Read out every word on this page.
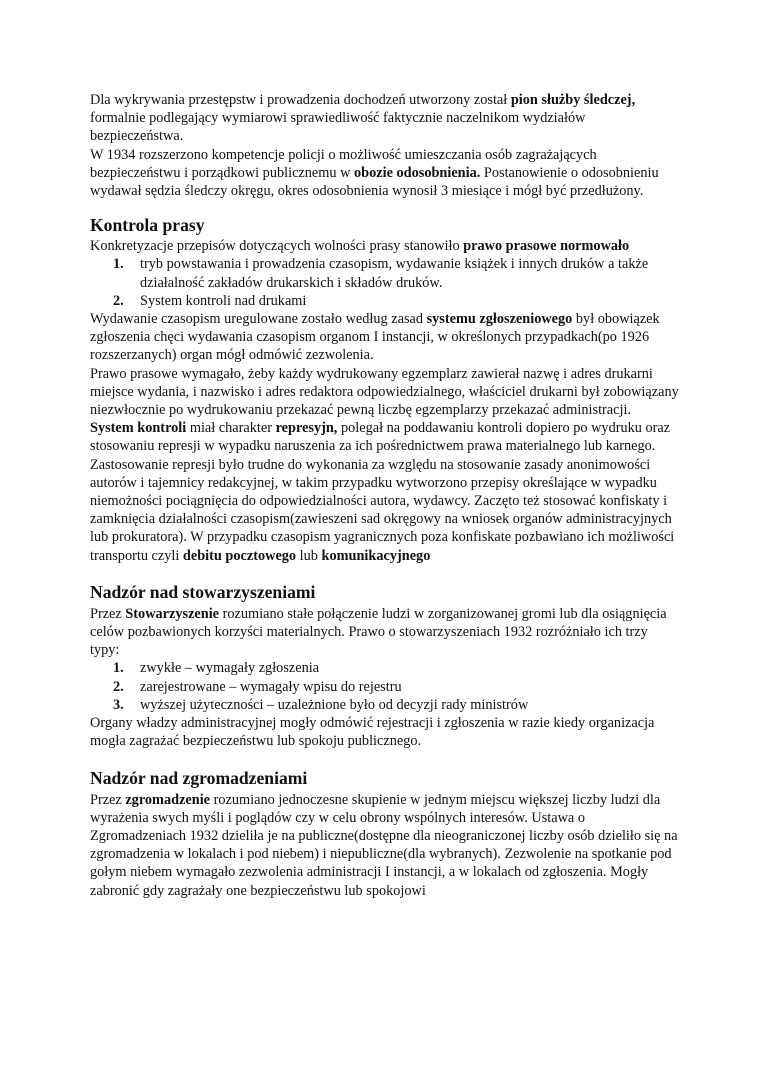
Dla wykrywania przestępstw i prowadzenia dochodzeń utworzony został pion służby śledczej, formalnie podlegający wymiarowi sprawiedliwość faktycznie naczelnikom wydziałów bezpieczeństwa.

W 1934 rozszerzono kompetencje policji o możliwość umieszczania osób zagrażających bezpieczeństwu i porządkowi publicznemu w obozie odosobnienia. Postanowienie o odosobnieniu wydawał sędzia śledczy okręgu, okres odosobnienia wynosił 3 miesiące i mógł być przedłużony.

Kontrola prasy

Konkretyzacje przepisów dotyczących wolności prasy stanowiło prawo prasowe normowało

1. tryb powstawania i prowadzenia czasopism, wydawanie książek i innych druków a także działalność zakładów drukarskich i składów druków.
2. System kontroli nad drukami

Wydawanie czasopism uregulowane zostało według zasad systemu zgłoszeniowego był obowiązek zgłoszenia chęci wydawania czasopism organom I instancji, w określonych przypadkach(po 1926 rozszerzanych) organ mógł odmówić zezwolenia.

Prawo prasowe wymagało, żeby każdy wydrukowany egzemplarz zawierał nazwę i adres drukarni miejsce wydania, i nazwisko i adres redaktora odpowiedzialnego, właściciel drukarni był zobowiązany niezwłocznie po wydrukowaniu przekazać pewną liczbę egzemplarzy przekazać administracji.

System kontroli miał charakter represyjn, polegał na poddawaniu kontroli dopiero po wydruku oraz stosowaniu represji w wypadku naruszenia za ich pośrednictwem prawa materialnego lub karnego.

Zastosowanie represji było trudne do wykonania za względu na stosowanie zasady anonimowości autorów i tajemnicy redakcyjnej, w takim przypadku wytworzono przepisy określające w wypadku niemożności pociągnięcia do odpowiedzialności autora, wydawcy. Zaczęto też stosować konfiskaty i zamknięcia działalności czasopism(zawieszeni sad okręgowy na wniosek organów administracyjnych lub prokuratora). W przypadku czasopism yagranicznych poza konfiskate pozbawiano ich możliwości transportu czyli debitu pocztowego lub komunikacyjnego

Nadzór nad stowarzyszeniami

Przez Stowarzyszenie rozumiano stałe połączenie ludzi w zorganizowanej gromi lub dla osiągnięcia celów pozbawionych korzyści materialnych. Prawo o stowarzyszeniach 1932 rozróżniało ich trzy typy:

1. zwykłe – wymagały zgłoszenia
2. zarejestrowane – wymagały wpisu do rejestru
3. wyższej użyteczności – uzależnione było od decyzji rady ministrów

Organy władzy administracyjnej mogły odmówić rejestracji i zgłoszenia w razie kiedy organizacja mogła zagrażać bezpieczeństwu lub spokoju publicznego.

Nadzór nad zgromadzeniami

Przez zgromadzenie rozumiano jednoczesne skupienie w jednym miejscu większej liczby ludzi dla wyrażenia swych myśli i poglądów czy w celu obrony wspólnych interesów. Ustawa o Zgromadzeniach 1932 dzieliła je na publiczne(dostępne dla nieograniczonej liczby osób dzieliło się na zgromadzenia w lokalach i pod niebem) i niepubliczne(dla wybranych). Zezwolenie na spotkanie pod gołym niebem wymagało zezwolenia administracji I instancji, a w lokalach od zgłoszenia. Mogły zabronić gdy zagrażały one bezpieczeństwu lub spokojowi
